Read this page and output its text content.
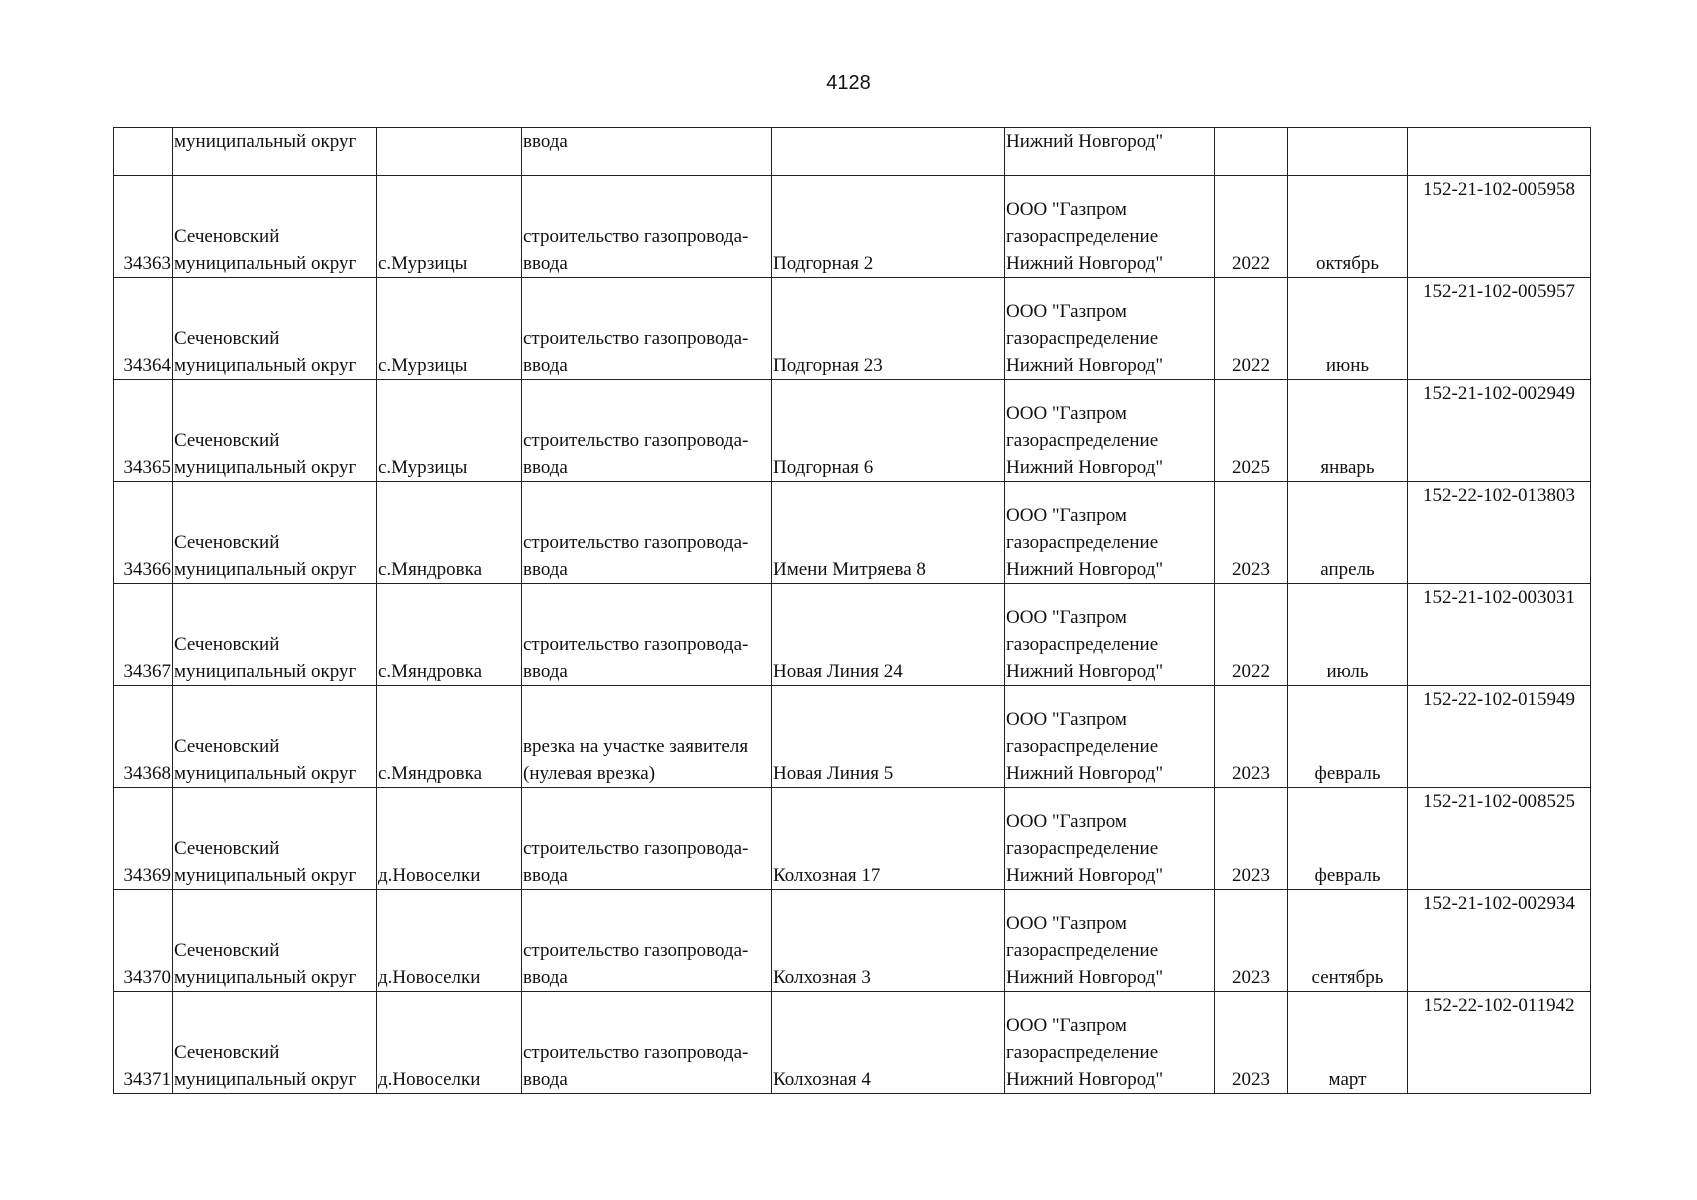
4128

	муниципальный округ		ввода		Нижний Новгород"			

34363	Сеченовский
муниципальный округ	с.Мурзицы	строительство газопровода-
ввода	Подгорная 2	ООО "Газпром
газораспределение
Нижний Новгород"	2022	октябрь	152-21-102-005958

34364	Сеченовский
муниципальный округ	с.Мурзицы	строительство газопровода-
ввода	Подгорная 23	ООО "Газпром
газораспределение
Нижний Новгород"	2022	июнь	152-21-102-005957

34365	Сеченовский
муниципальный округ	с.Мурзицы	строительство газопровода-
ввода	Подгорная 6	ООО "Газпром
газораспределение
Нижний Новгород"	2025	январь	152-21-102-002949

34366	Сеченовский
муниципальный округ	с.Мяндровка	строительство газопровода-
ввода	Имени Митряева 8	ООО "Газпром
газораспределение
Нижний Новгород"	2023	апрель	152-22-102-013803

34367	Сеченовский
муниципальный округ	с.Мяндровка	строительство газопровода-
ввода	Новая Линия 24	ООО "Газпром
газораспределение
Нижний Новгород"	2022	июль	152-21-102-003031

34368	Сеченовский
муниципальный округ	с.Мяндровка	врезка на участке заявителя
(нулевая врезка)	Новая Линия 5	ООО "Газпром
газораспределение
Нижний Новгород"	2023	февраль	152-22-102-015949

34369	Сеченовский
муниципальный округ	д.Новоселки	строительство газопровода-
ввода	Колхозная 17	ООО "Газпром
газораспределение
Нижний Новгород"	2023	февраль	152-21-102-008525

34370	Сеченовский
муниципальный округ	д.Новоселки	строительство газопровода-
ввода	Колхозная 3	ООО "Газпром
газораспределение
Нижний Новгород"	2023	сентябрь	152-21-102-002934

34371	Сеченовский
муниципальный округ	д.Новоселки	строительство газопровода-
ввода	Колхозная 4	ООО "Газпром
газораспределение
Нижний Новгород"	2023	март	152-22-102-011942
